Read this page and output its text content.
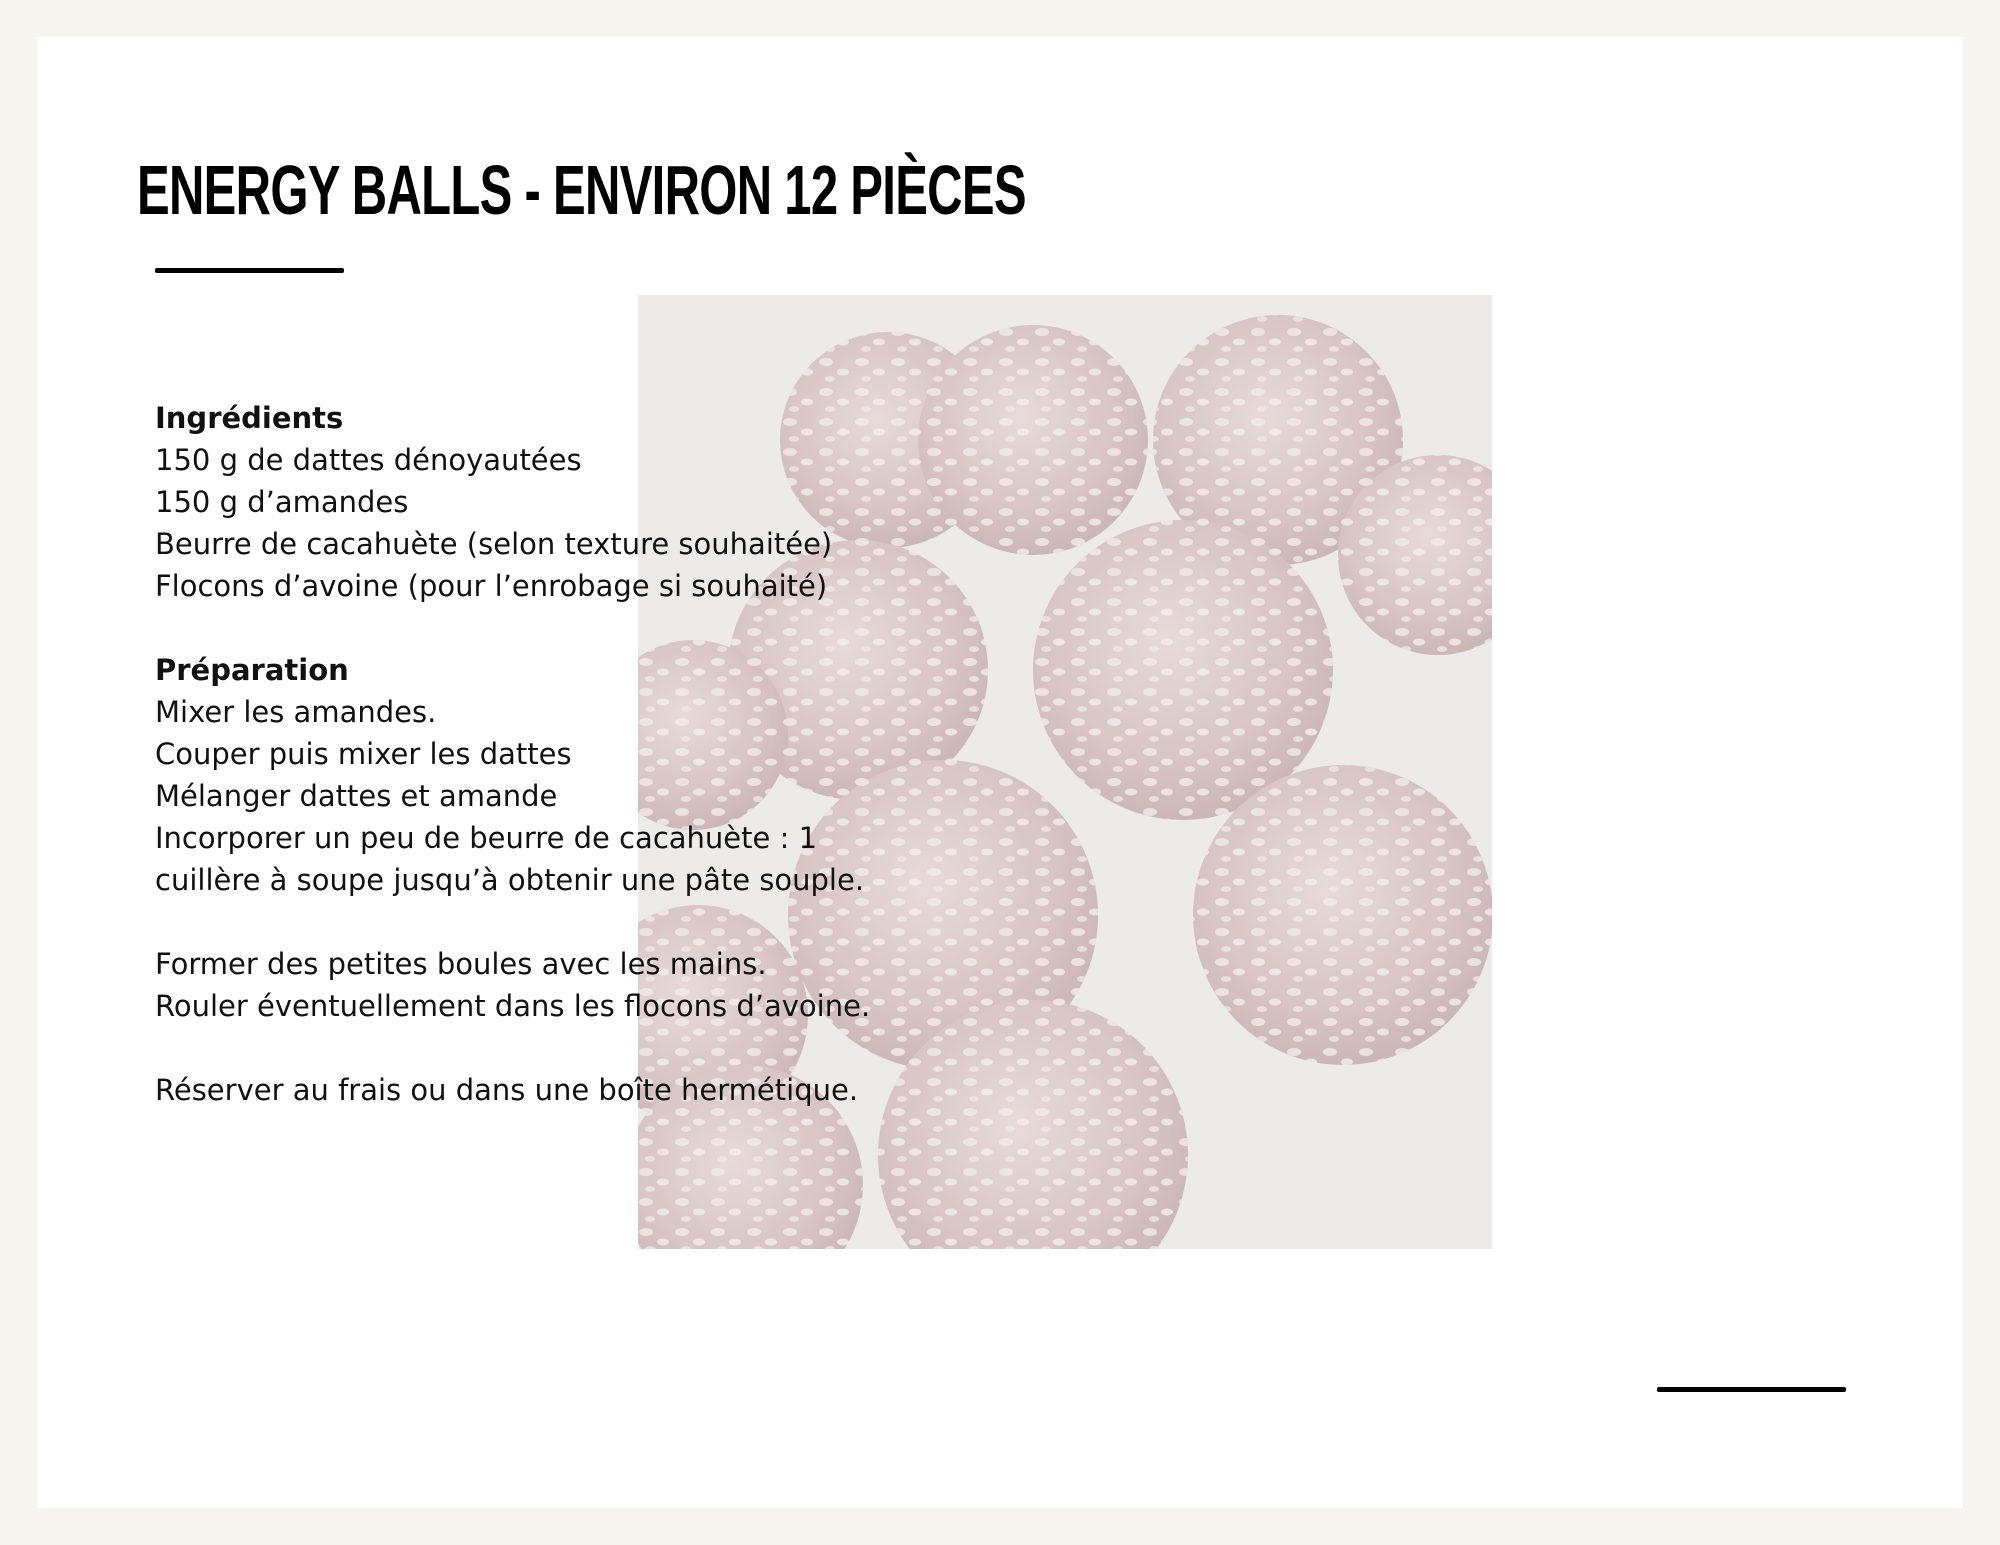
ENERGY BALLS - ENVIRON 12 PIÈCES
Ingrédients
150 g de dattes dénoyautées
150 g d’amandes
Beurre de cacahuète (selon texture souhaitée)
Flocons d’avoine (pour l’enrobage si souhaité)
Préparation
Mixer les amandes.
Couper puis mixer les dattes
Mélanger dattes et amande
Incorporer un peu de beurre de cacahuète : 1
cuillère à soupe jusqu’à obtenir une pâte souple.
Former des petites boules avec les mains.
Rouler éventuellement dans les flocons d’avoine.
Réserver au frais ou dans une boîte hermétique.
